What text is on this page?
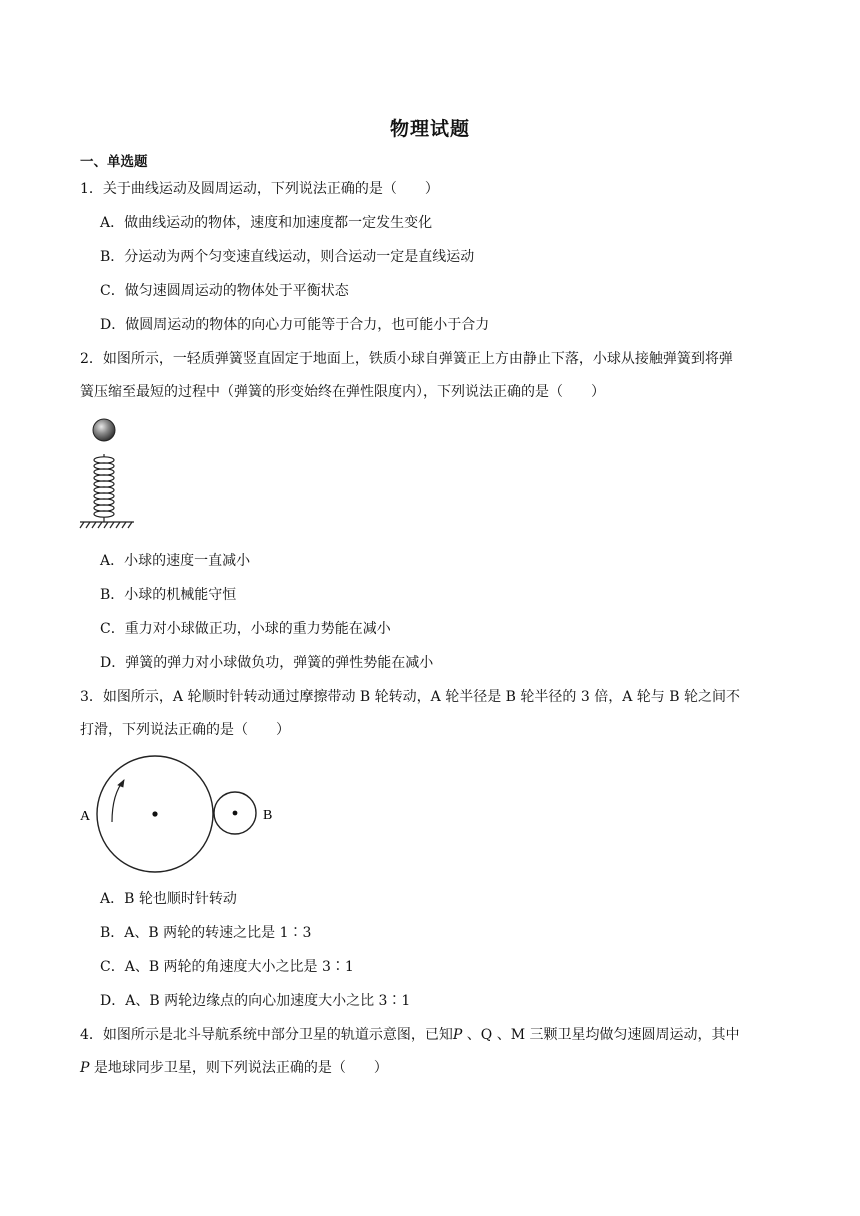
物理试题
一、单选题
1．关于曲线运动及圆周运动，下列说法正确的是（　　）
A．做曲线运动的物体，速度和加速度都一定发生变化
B．分运动为两个匀变速直线运动，则合运动一定是直线运动
C．做匀速圆周运动的物体处于平衡状态
D．做圆周运动的物体的向心力可能等于合力，也可能小于合力
2．如图所示，一轻质弹簧竖直固定于地面上，铁质小球自弹簧正上方由静止下落，小球从接触弹簧到将弹
簧压缩至最短的过程中（弹簧的形变始终在弹性限度内），下列说法正确的是（　　）
A．小球的速度一直减小
B．小球的机械能守恒
C．重力对小球做正功，小球的重力势能在减小
D．弹簧的弹力对小球做负功，弹簧的弹性势能在减小
3．如图所示，A 轮顺时针转动通过摩擦带动 B 轮转动，A 轮半径是 B 轮半径的 3 倍，A 轮与 B 轮之间不
打滑，下列说法正确的是（　　）
A	B
A．B 轮也顺时针转动
B．A、B 两轮的转速之比是 1∶3
C．A、B 两轮的角速度大小之比是 3∶1
D．A、B 两轮边缘点的向心加速度大小之比 3∶1
4．如图所示是北斗导航系统中部分卫星的轨道示意图，已知P 、Q 、M 三颗卫星均做匀速圆周运动，其中
P 是地球同步卫星，则下列说法正确的是（　　）
